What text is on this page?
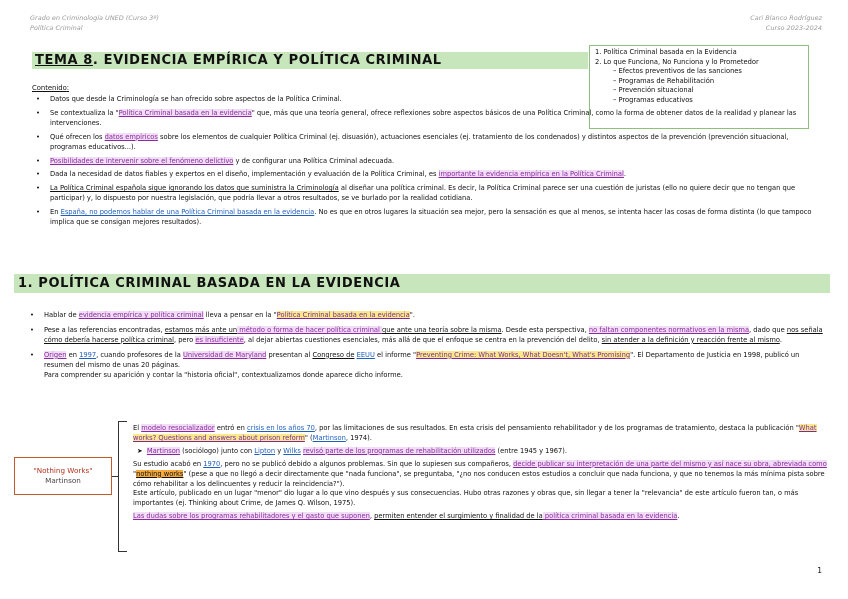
Grado en Criminología UNED (Curso 3º)
Política Criminal
Cari Blanco Rodríguez
Curso 2023-2024
TEMA 8. EVIDENCIA EMPÍRICA Y POLÍTICA CRIMINAL
1. Política Criminal basada en la Evidencia
2. Lo que Funciona, No Funciona y lo Prometedor
– Efectos preventivos de las sanciones
– Programas de Rehabilitación
– Prevención situacional
– Programas educativos
Contenido:
• Datos que desde la Criminología se han ofrecido sobre aspectos de la Política Criminal.
• Se contextualiza la "Política Criminal basada en la evidencia" que, más que una teoría general, ofrece reflexiones sobre aspectos básicos de una Política Criminal, como la forma de obtener datos de la realidad y planear las intervenciones.
• Qué ofrecen los datos empíricos sobre los elementos de cualquier Política Criminal (ej. disuasión), actuaciones esenciales (ej. tratamiento de los condenados) y distintos aspectos de la prevención (prevención situacional, programas educativos...).
• Posibilidades de intervenir sobre el fenómeno delictivo y de configurar una Política Criminal adecuada.
• Dada la necesidad de datos fiables y expertos en el diseño, implementación y evaluación de la Política Criminal, es importante la evidencia empírica en la Política Criminal.
• La Política Criminal española sigue ignorando los datos que suministra la Criminología al diseñar una política criminal. Es decir, la Política Criminal parece ser una cuestión de juristas (ello no quiere decir que no tengan que participar) y, lo dispuesto por nuestra legislación, que podría llevar a otros resultados, se ve burlado por la realidad cotidiana.
• En España, no podemos hablar de una Política Criminal basada en la evidencia. No es que en otros lugares la situación sea mejor, pero la sensación es que al menos, se intenta hacer las cosas de forma distinta (lo que tampoco implica que se consigan mejores resultados).
1. POLÍTICA CRIMINAL BASADA EN LA EVIDENCIA
• Hablar de evidencia empírica y política criminal lleva a pensar en la "Política Criminal basada en la evidencia".
• Pese a las referencias encontradas, estamos más ante un método o forma de hacer política criminal que ante una teoría sobre la misma. Desde esta perspectiva, no faltan componentes normativos en la misma, dado que nos señala cómo debería hacerse política criminal, pero es insuficiente, al dejar abiertas cuestiones esenciales, más allá de que el enfoque se centra en la prevención del delito, sin atender a la definición y reacción frente al mismo.
• Origen en 1997, cuando profesores de la Universidad de Maryland presentan al Congreso de EEUU el informe "Preventing Crime: What Works, What Doesn't, What's Promising". El Departamento de Justicia en 1998, publicó un resumen del mismo de unas 20 páginas.
Para comprender su aparición y contar la "historia oficial", contextualizamos donde aparece dicho informe.
"Nothing Works"
Martinson

El modelo resocializador entró en crisis en los años 70, por las limitaciones de sus resultados. En esta crisis del pensamiento rehabilitador y de los programas de tratamiento, destaca la publicación "What works? Questions and answers about prison reform" (Martinson, 1974).

➤ Martinson (sociólogo) junto con Lipton y Wilks revisó parte de los programas de rehabilitación utilizados (entre 1945 y 1967).

Su estudio acabó en 1970, pero no se publicó debido a algunos problemas. Sin que lo supiesen sus compañeros, decide publicar su interpretación de una parte del mismo y así nace su obra, abreviada como "nothing works" (pese a que no llegó a decir directamente que "nada funciona", se preguntaba, "¿no nos conducen estos estudios a concluir que nada funciona, y que no tenemos la más mínima pista sobre cómo rehabilitar a los delincuentes y reducir la reincidencia?").
Este artículo, publicado en un lugar "menor" dio lugar a lo que vino después y sus consecuencias. Hubo otras razones y obras que, sin llegar a tener la "relevancia" de este artículo fueron tan, o más importantes (ej. Thinking about Crime, de James Q. Wilson, 1975).

Las dudas sobre los programas rehabilitadores y el gasto que suponen, permiten entender el surgimiento y finalidad de la política criminal basada en la evidencia.

1
